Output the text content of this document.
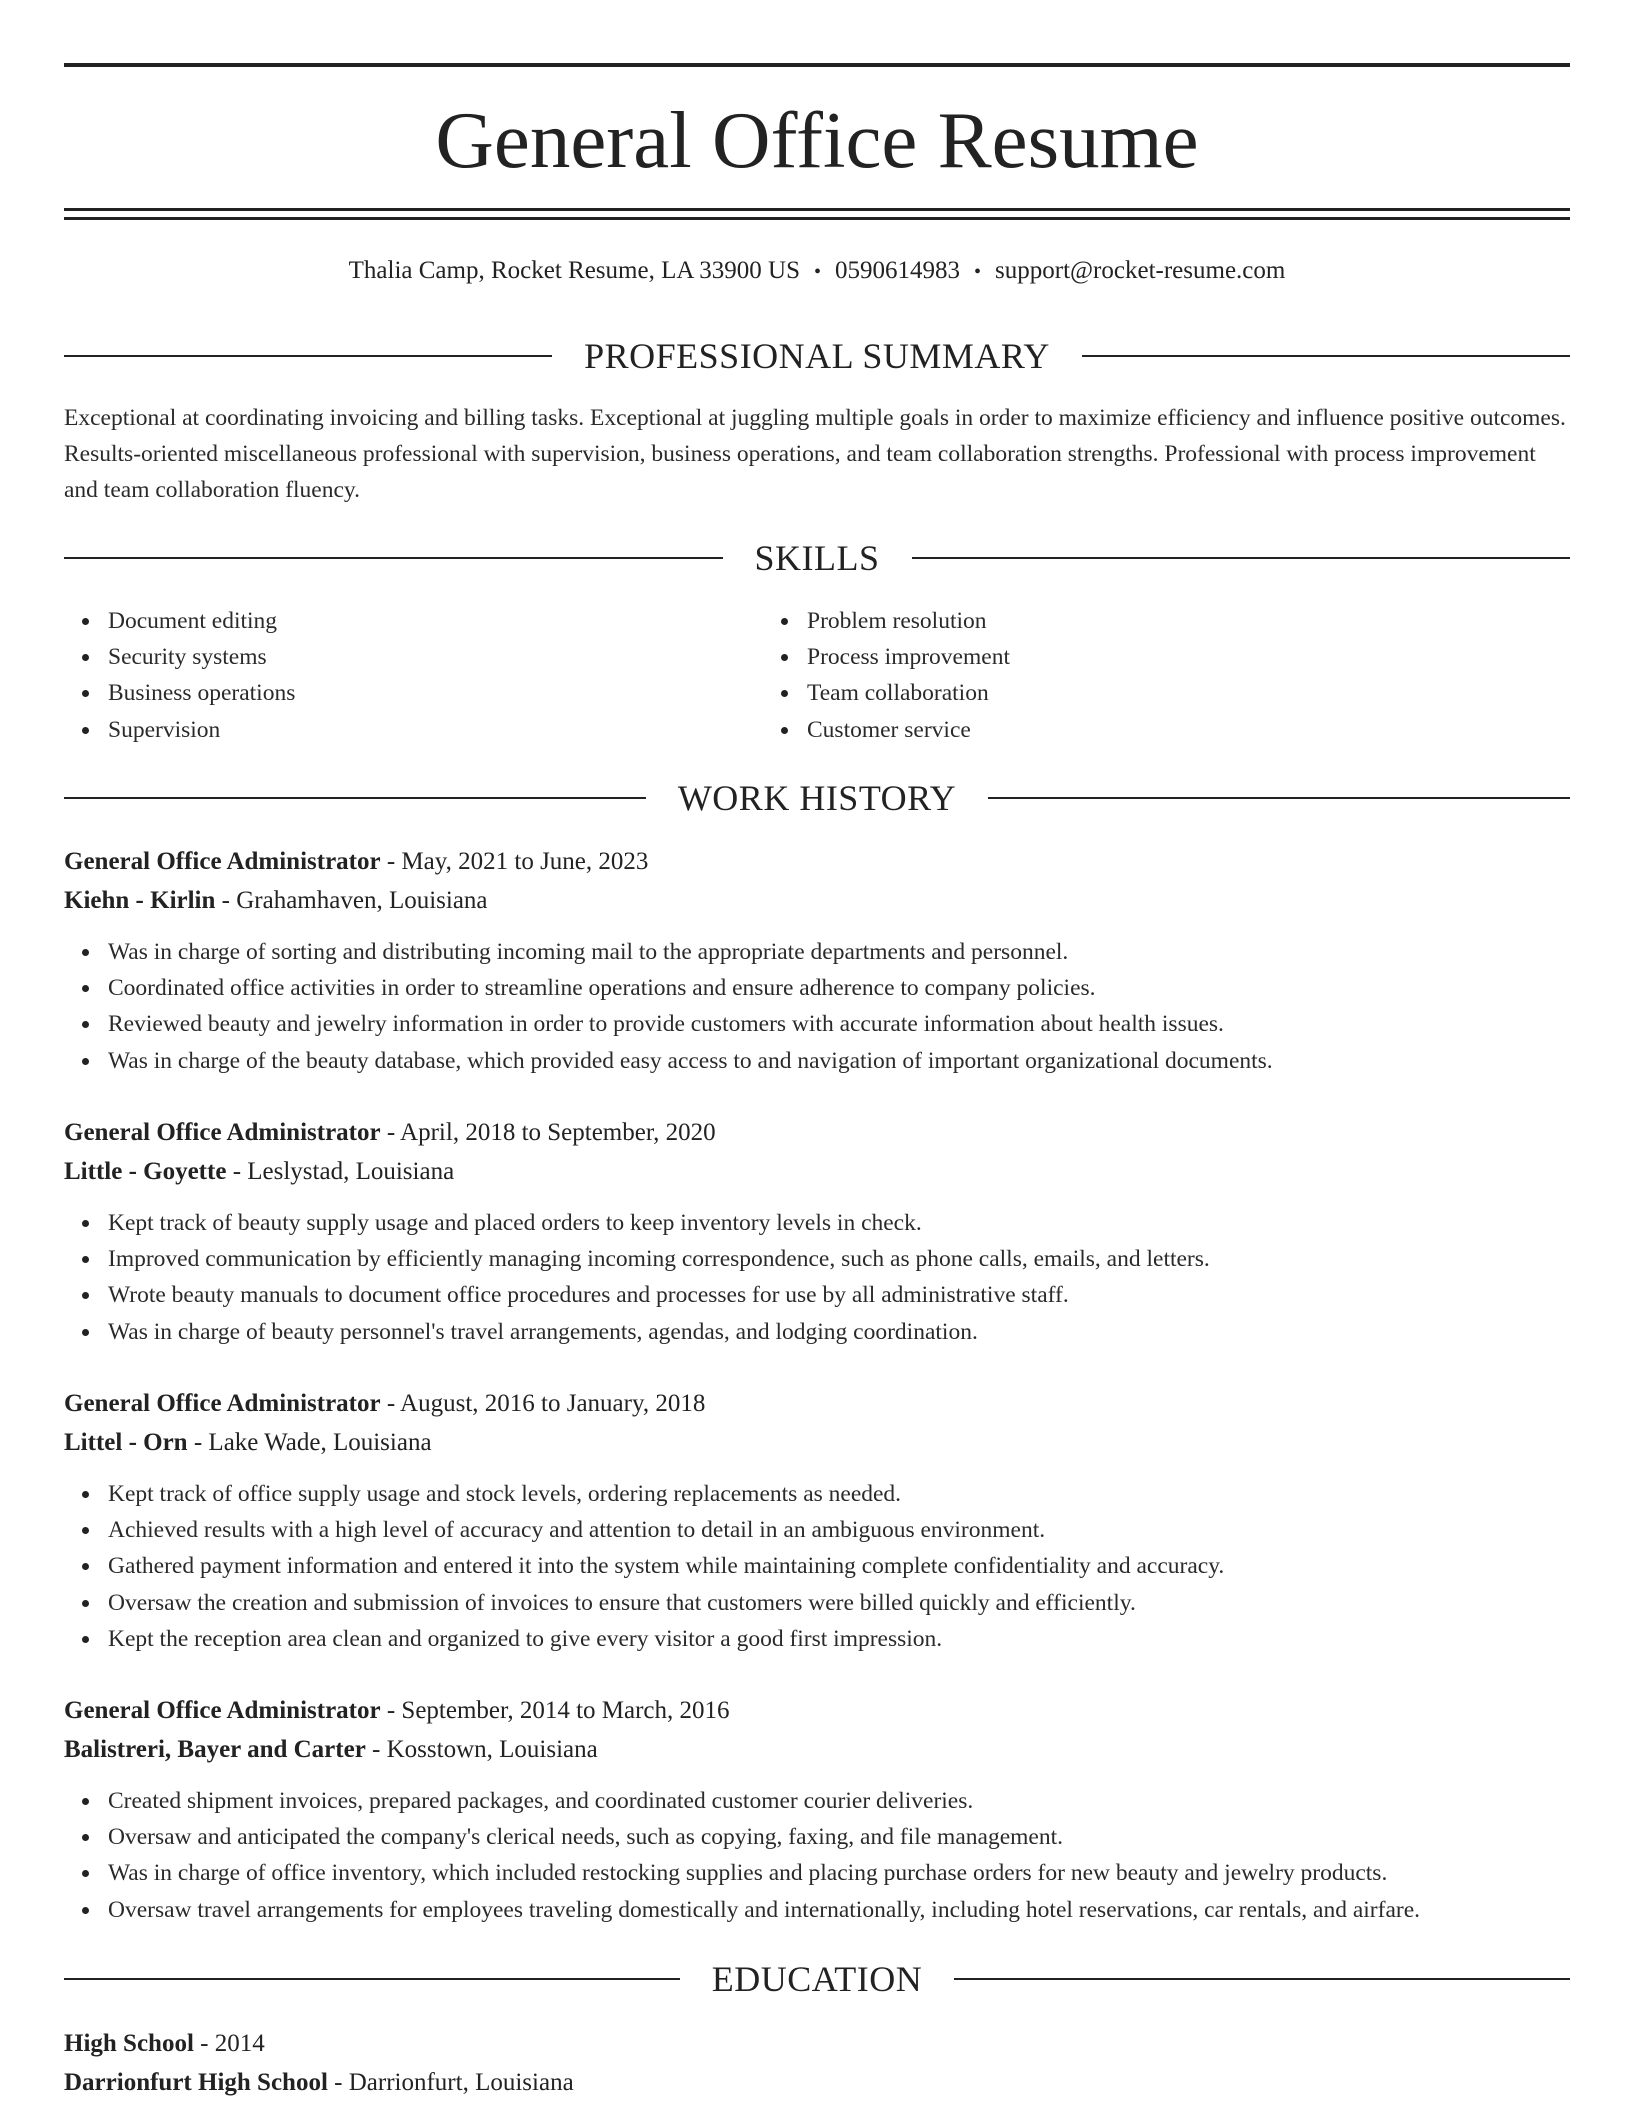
General Office Resume
Thalia Camp, Rocket Resume, LA 33900 US • 0590614983 • support@rocket-resume.com
PROFESSIONAL SUMMARY
Exceptional at coordinating invoicing and billing tasks. Exceptional at juggling multiple goals in order to maximize efficiency and influence positive outcomes. Results-oriented miscellaneous professional with supervision, business operations, and team collaboration strengths. Professional with process improvement and team collaboration fluency.
SKILLS
Document editing
Security systems
Business operations
Supervision
Problem resolution
Process improvement
Team collaboration
Customer service
WORK HISTORY
General Office Administrator - May, 2021 to June, 2023
Kiehn - Kirlin - Grahamhaven, Louisiana
Was in charge of sorting and distributing incoming mail to the appropriate departments and personnel.
Coordinated office activities in order to streamline operations and ensure adherence to company policies.
Reviewed beauty and jewelry information in order to provide customers with accurate information about health issues.
Was in charge of the beauty database, which provided easy access to and navigation of important organizational documents.
General Office Administrator - April, 2018 to September, 2020
Little - Goyette - Leslystad, Louisiana
Kept track of beauty supply usage and placed orders to keep inventory levels in check.
Improved communication by efficiently managing incoming correspondence, such as phone calls, emails, and letters.
Wrote beauty manuals to document office procedures and processes for use by all administrative staff.
Was in charge of beauty personnel's travel arrangements, agendas, and lodging coordination.
General Office Administrator - August, 2016 to January, 2018
Littel - Orn - Lake Wade, Louisiana
Kept track of office supply usage and stock levels, ordering replacements as needed.
Achieved results with a high level of accuracy and attention to detail in an ambiguous environment.
Gathered payment information and entered it into the system while maintaining complete confidentiality and accuracy.
Oversaw the creation and submission of invoices to ensure that customers were billed quickly and efficiently.
Kept the reception area clean and organized to give every visitor a good first impression.
General Office Administrator - September, 2014 to March, 2016
Balistreri, Bayer and Carter - Kosstown, Louisiana
Created shipment invoices, prepared packages, and coordinated customer courier deliveries.
Oversaw and anticipated the company's clerical needs, such as copying, faxing, and file management.
Was in charge of office inventory, which included restocking supplies and placing purchase orders for new beauty and jewelry products.
Oversaw travel arrangements for employees traveling domestically and internationally, including hotel reservations, car rentals, and airfare.
EDUCATION
High School - 2014
Darrionfurt High School - Darrionfurt, Louisiana
